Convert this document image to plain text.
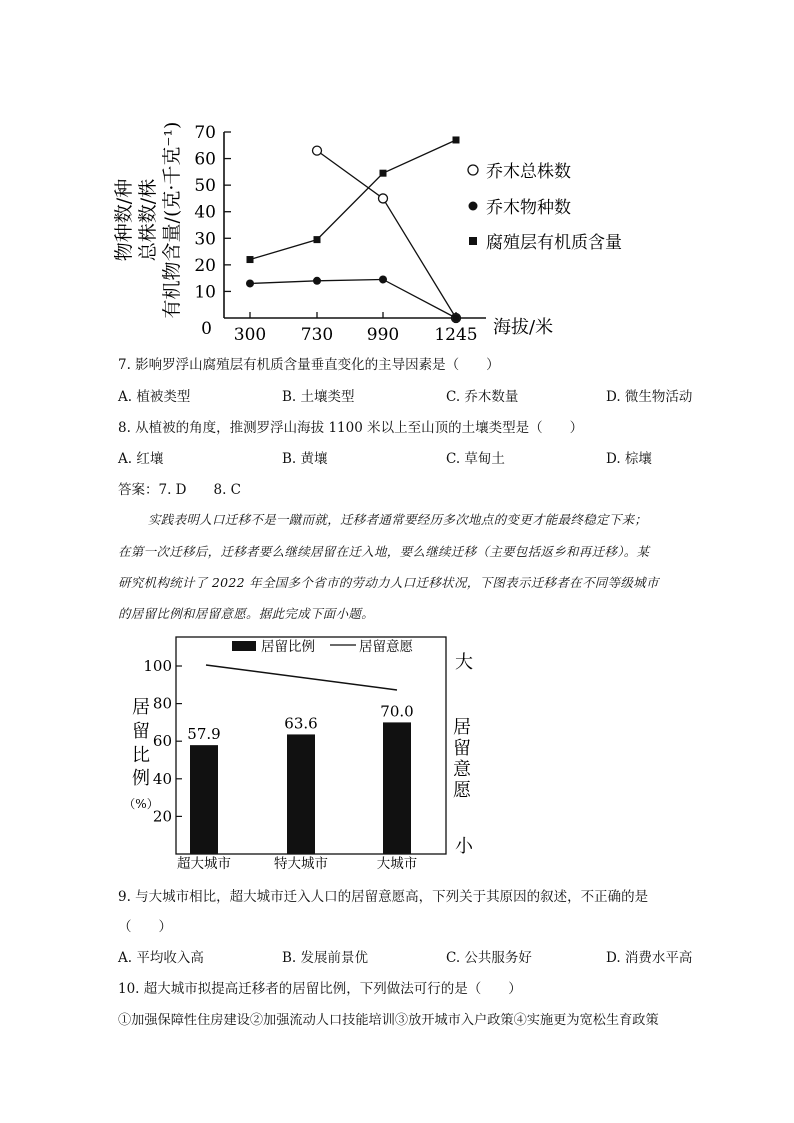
物种数/种 总株数/株 有机物含量/(克·千克⁻¹)
0
10
20
30
40
50
60
70
300 730 990 1245 海拔/米
乔木总株数
乔木物种数
腐殖层有机质含量
7. 影响罗浮山腐殖层有机质含量垂直变化的主导因素是（　　）
A. 植被类型	B. 土壤类型	C. 乔木数量	D. 微生物活动
8. 从植被的角度，推测罗浮山海拔 1100 米以上至山顶的土壤类型是（　　）
A. 红壤	B. 黄壤	C. 草甸土	D. 棕壤
答案：7. D　　8. C
实践表明人口迁移不是一蹴而就，迁移者通常要经历多次地点的变更才能最终稳定下来；
在第一次迁移后，迁移者要么继续居留在迁入地，要么继续迁移（主要包括返乡和再迁移）。某
研究机构统计了 2022 年全国多个省市的劳动力人口迁移状况，下图表示迁移者在不同等级城市
的居留比例和居留意愿。据此完成下面小题。
居留比例	居留意愿
20
40
60
80
100
居
留
比
例
（%）
居
留
意
愿
大
小
57.9
63.6
70.0
超大城市	特大城市	大城市
9. 与大城市相比，超大城市迁入人口的居留意愿高，下列关于其原因的叙述，不正确的是
（　　）
A. 平均收入高	B. 发展前景优	C. 公共服务好	D. 消费水平高
10. 超大城市拟提高迁移者的居留比例，下列做法可行的是（　　）
①加强保障性住房建设②加强流动人口技能培训③放开城市入户政策④实施更为宽松生育政策
